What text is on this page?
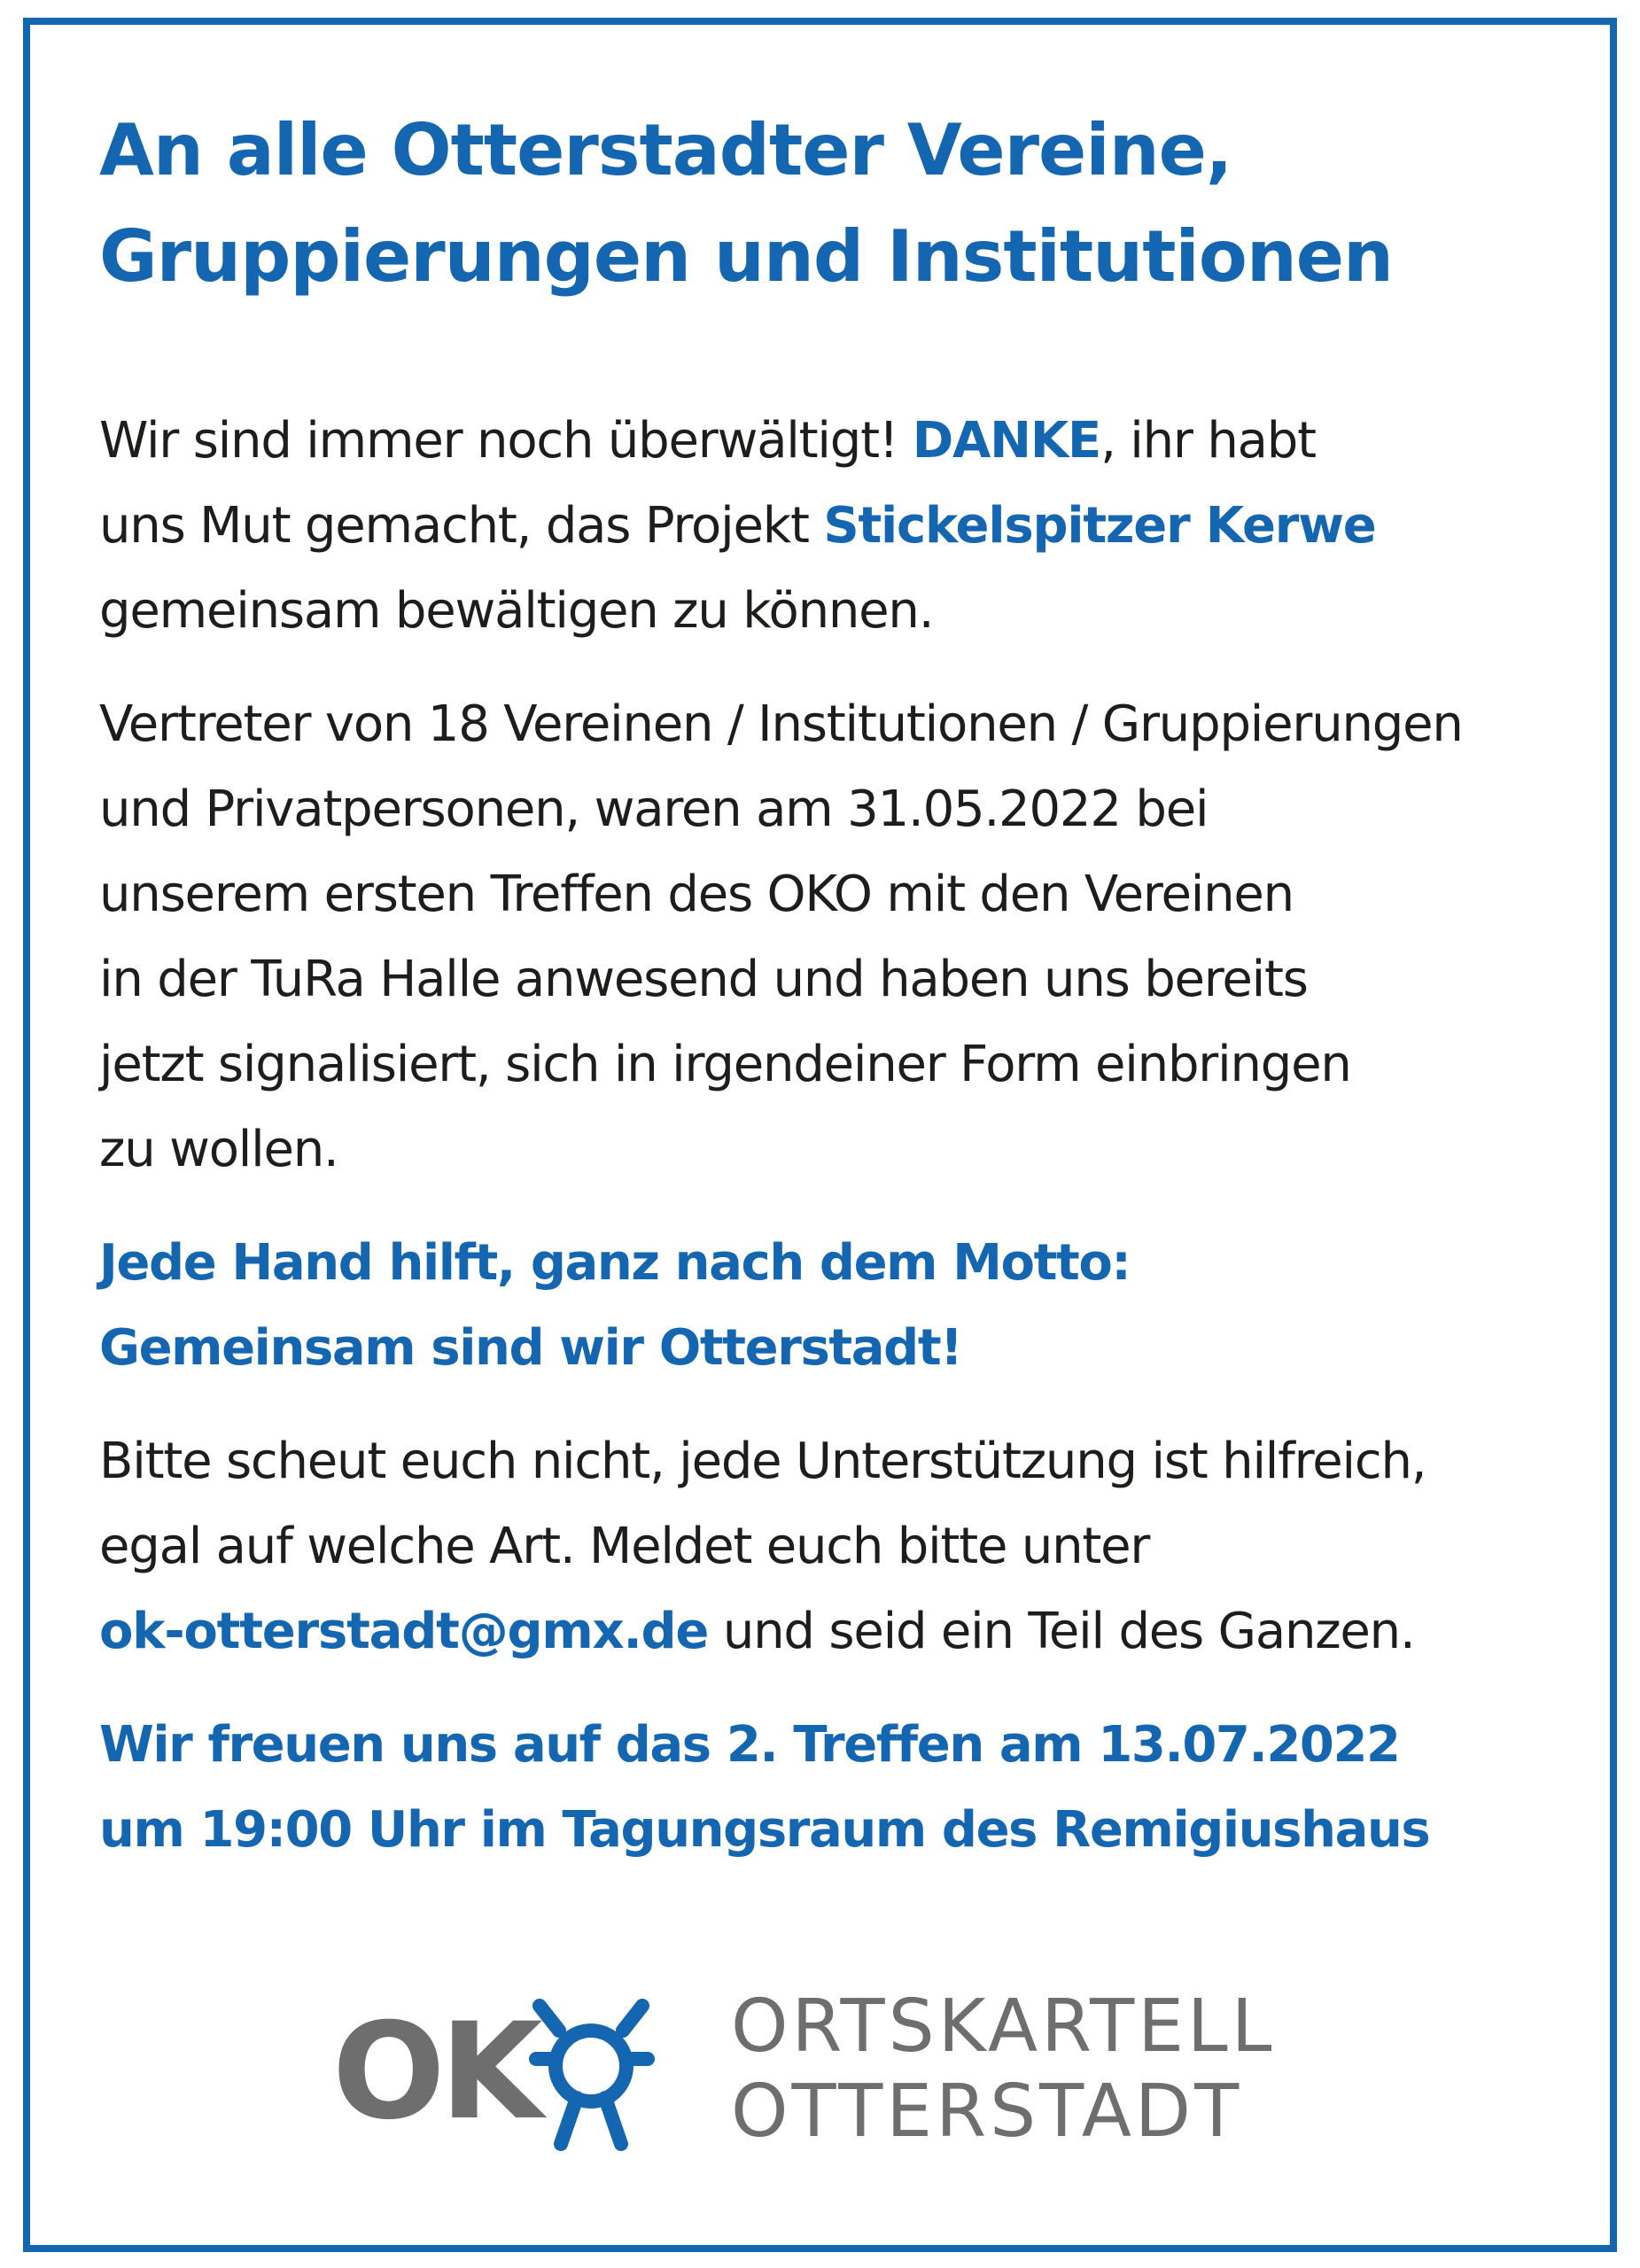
An alle Otterstadter Vereine,
Gruppierungen und Institutionen

Wir sind immer noch überwältigt! DANKE, ihr habt
uns Mut gemacht, das Projekt Stickelspitzer Kerwe
gemeinsam bewältigen zu können.

Vertreter von 18 Vereinen / Institutionen / Gruppierungen
und Privatpersonen, waren am 31.05.2022 bei
unserem ersten Treffen des OKO mit den Vereinen
in der TuRa Halle anwesend und haben uns bereits
jetzt signalisiert, sich in irgendeiner Form einbringen
zu wollen.

Jede Hand hilft, ganz nach dem Motto:
Gemeinsam sind wir Otterstadt!

Bitte scheut euch nicht, jede Unterstützung ist hilfreich,
egal auf welche Art. Meldet euch bitte unter
ok-otterstadt@gmx.de und seid ein Teil des Ganzen.

Wir freuen uns auf das 2. Treffen am 13.07.2022
um 19:00 Uhr im Tagungsraum des Remigiushaus

OK	ORTSKARTELL
OTTERSTADT
